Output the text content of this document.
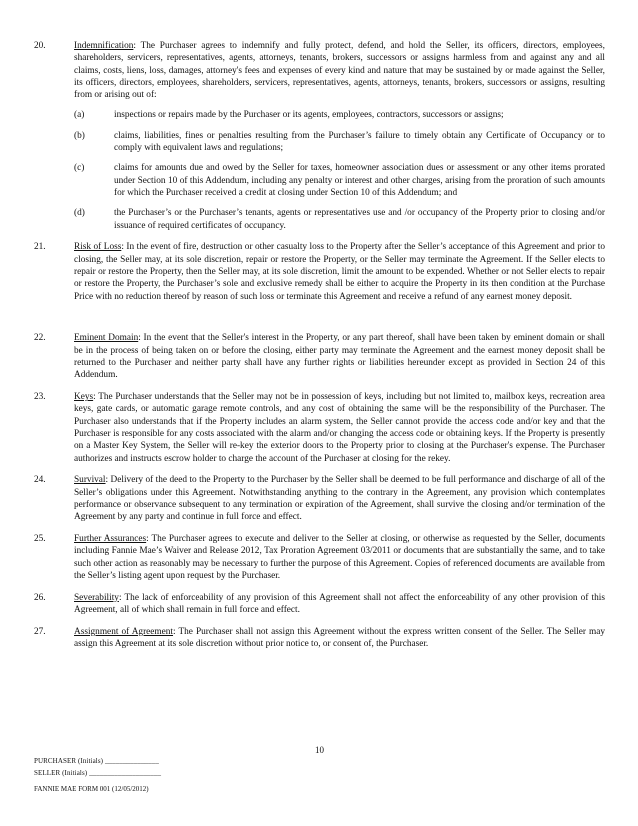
20.	Indemnification: The Purchaser agrees to indemnify and fully protect, defend, and hold the Seller, its officers, directors, employees, shareholders, servicers, representatives, agents, attorneys, tenants, brokers, successors or assigns harmless from and against any and all claims, costs, liens, loss, damages, attorney's fees and expenses of every kind and nature that may be sustained by or made against the Seller, its officers, directors, employees, shareholders, servicers, representatives, agents, attorneys, tenants, brokers, successors or assigns, resulting from or arising out of:
(a)	inspections or repairs made by the Purchaser or its agents, employees, contractors, successors or assigns;
(b)	claims, liabilities, fines or penalties resulting from the Purchaser’s failure to timely obtain any Certificate of Occupancy or to comply with equivalent laws and regulations;
(c)	claims for amounts due and owed by the Seller for taxes, homeowner association dues or assessment or any other items prorated under Section 10 of this Addendum, including any penalty or interest and other charges, arising from the proration of such amounts for which the Purchaser received a credit at closing under Section 10 of this Addendum; and
(d)	the Purchaser’s or the Purchaser’s tenants, agents or representatives use and /or occupancy of the Property prior to closing and/or issuance of required certificates of occupancy.
21.	Risk of Loss: In the event of fire, destruction or other casualty loss to the Property after the Seller’s acceptance of this Agreement and prior to closing, the Seller may, at its sole discretion, repair or restore the Property, or the Seller may terminate the Agreement. If the Seller elects to repair or restore the Property, then the Seller may, at its sole discretion, limit the amount to be expended. Whether or not Seller elects to repair or restore the Property, the Purchaser’s sole and exclusive remedy shall be either to acquire the Property in its then condition at the Purchase Price with no reduction thereof by reason of such loss or terminate this Agreement and receive a refund of any earnest money deposit.
22.	Eminent Domain: In the event that the Seller's interest in the Property, or any part thereof, shall have been taken by eminent domain or shall be in the process of being taken on or before the closing, either party may terminate the Agreement and the earnest money deposit shall be returned to the Purchaser and neither party shall have any further rights or liabilities hereunder except as provided in Section 24 of this Addendum.
23.	Keys: The Purchaser understands that the Seller may not be in possession of keys, including but not limited to, mailbox keys, recreation area keys, gate cards, or automatic garage remote controls, and any cost of obtaining the same will be the responsibility of the Purchaser. The Purchaser also understands that if the Property includes an alarm system, the Seller cannot provide the access code and/or key and that the Purchaser is responsible for any costs associated with the alarm and/or changing the access code or obtaining keys. If the Property is presently on a Master Key System, the Seller will re-key the exterior doors to the Property prior to closing at the Purchaser's expense. The Purchaser authorizes and instructs escrow holder to charge the account of the Purchaser at closing for the rekey.
24.	Survival: Delivery of the deed to the Property to the Purchaser by the Seller shall be deemed to be full performance and discharge of all of the Seller’s obligations under this Agreement. Notwithstanding anything to the contrary in the Agreement, any provision which contemplates performance or observance subsequent to any termination or expiration of the Agreement, shall survive the closing and/or termination of the Agreement by any party and continue in full force and effect.
25.	Further Assurances: The Purchaser agrees to execute and deliver to the Seller at closing, or otherwise as requested by the Seller, documents including Fannie Mae’s Waiver and Release 2012, Tax Proration Agreement 03/2011 or documents that are substantially the same, and to take such other action as reasonably may be necessary to further the purpose of this Agreement. Copies of referenced documents are available from the Seller’s listing agent upon request by the Purchaser.
26.	Severability: The lack of enforceability of any provision of this Agreement shall not affect the enforceability of any other provision of this Agreement, all of which shall remain in full force and effect.
27.	Assignment of Agreement: The Purchaser shall not assign this Agreement without the express written consent of the Seller. The Seller may assign this Agreement at its sole discretion without prior notice to, or consent of, the Purchaser.
10
PURCHASER (Initials) _______________
SELLER (Initials) ____________________
FANNIE MAE FORM 001 (12/05/2012)
